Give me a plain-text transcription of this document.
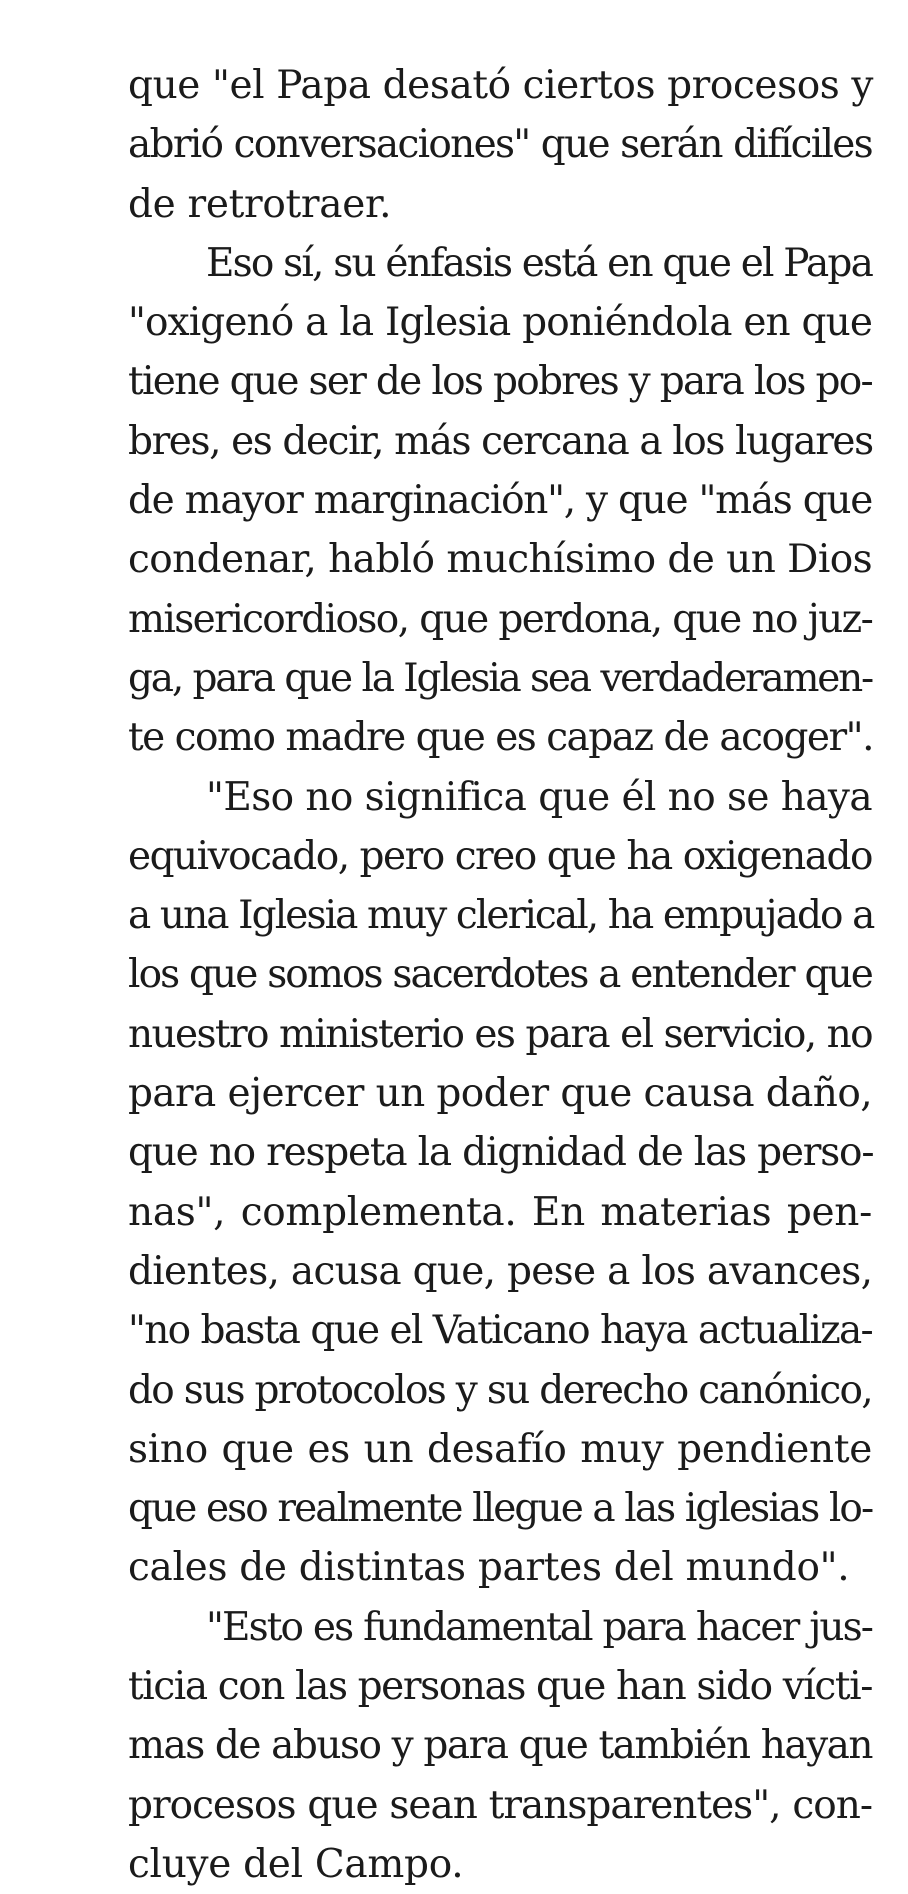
que "el Papa desató ciertos procesos y
abrió conversaciones" que serán difíciles
de retrotraer.
Eso sí, su énfasis está en que el Papa
"oxigenó a la Iglesia poniéndola en que
tiene que ser de los pobres y para los po-
bres, es decir, más cercana a los lugares
de mayor marginación", y que "más que
condenar, habló muchísimo de un Dios
misericordioso, que perdona, que no juz-
ga, para que la Iglesia sea verdaderamen-
te como madre que es capaz de acoger".
"Eso no significa que él no se haya
equivocado, pero creo que ha oxigenado
a una Iglesia muy clerical, ha empujado a
los que somos sacerdotes a entender que
nuestro ministerio es para el servicio, no
para ejercer un poder que causa daño,
que no respeta la dignidad de las perso-
nas", complementa. En materias pen-
dientes, acusa que, pese a los avances,
"no basta que el Vaticano haya actualiza-
do sus protocolos y su derecho canónico,
sino que es un desafío muy pendiente
que eso realmente llegue a las iglesias lo-
cales de distintas partes del mundo".
"Esto es fundamental para hacer jus-
ticia con las personas que han sido vícti-
mas de abuso y para que también hayan
procesos que sean transparentes", con-
cluye del Campo.
